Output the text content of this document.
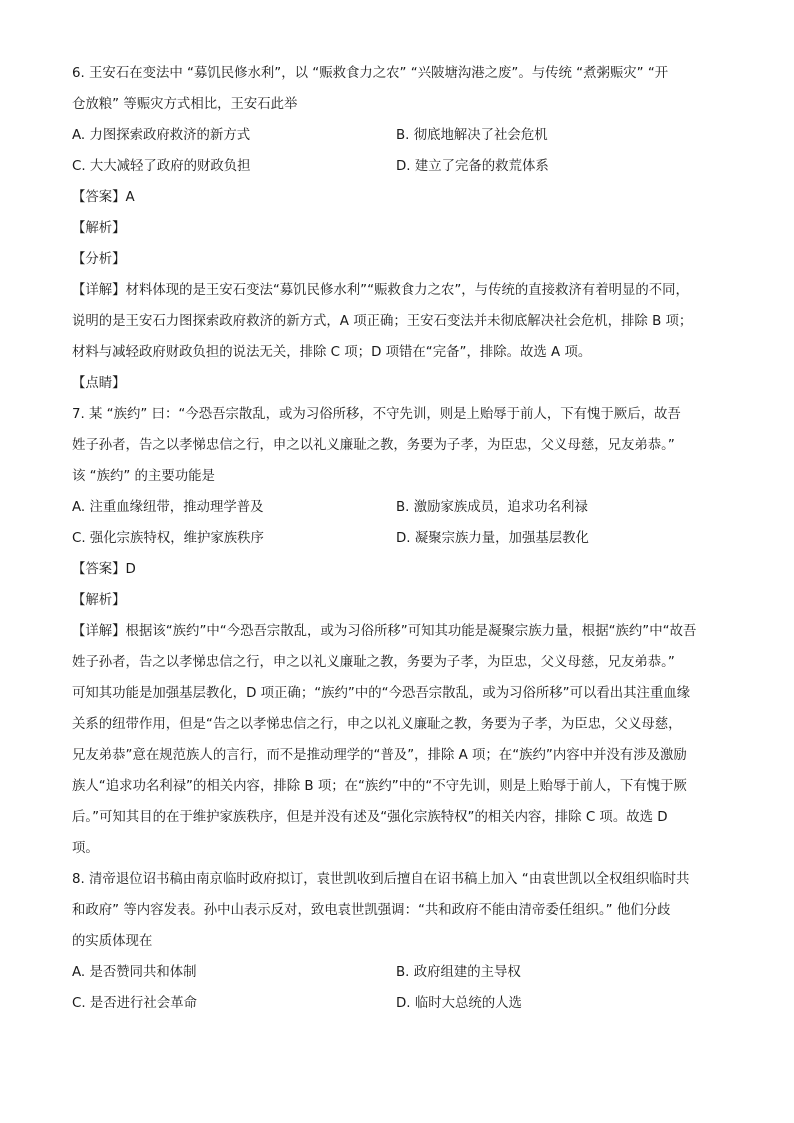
6. 王安石在变法中 “募饥民修水利”，以 “赈救食力之农” “兴陂塘沟港之废”。与传统 “煮粥赈灾” “开
仓放粮” 等赈灾方式相比，王安石此举
A. 力图探索政府救济的新方式	B. 彻底地解决了社会危机
C. 大大减轻了政府的财政负担	D. 建立了完备的救荒体系
【答案】A
【解析】
【分析】
【详解】材料体现的是王安石变法“募饥民修水利”“赈救食力之农”，与传统的直接救济有着明显的不同，
说明的是王安石力图探索政府救济的新方式，A 项正确；王安石变法并未彻底解决社会危机，排除 B 项；
材料与减轻政府财政负担的说法无关，排除 C 项；D 项错在“完备”，排除。故选 A 项。
【点睛】
7. 某 “族约” 曰：“今恐吾宗散乱，或为习俗所移，不守先训，则是上贻辱于前人，下有愧于厥后，故吾
姓子孙者，告之以孝悌忠信之行，申之以礼义廉耻之教，务要为子孝，为臣忠，父义母慈，兄友弟恭。”
该 “族约” 的主要功能是
A. 注重血缘纽带，推动理学普及	B. 激励家族成员，追求功名利禄
C. 强化宗族特权，维护家族秩序	D. 凝聚宗族力量，加强基层教化
【答案】D
【解析】
【详解】根据该“族约”中“今恐吾宗散乱，或为习俗所移”可知其功能是凝聚宗族力量，根据“族约”中“故吾
姓子孙者，告之以孝悌忠信之行，申之以礼义廉耻之教，务要为子孝，为臣忠，父义母慈，兄友弟恭。”
可知其功能是加强基层教化，D 项正确；“族约”中的“今恐吾宗散乱，或为习俗所移”可以看出其注重血缘
关系的纽带作用，但是“告之以孝悌忠信之行，申之以礼义廉耻之教，务要为子孝，为臣忠，父义母慈，
兄友弟恭”意在规范族人的言行，而不是推动理学的“普及”，排除 A 项；在“族约”内容中并没有涉及激励
族人“追求功名利禄”的相关内容，排除 B 项；在“族约”中的“不守先训，则是上贻辱于前人，下有愧于厥
后。”可知其目的在于维护家族秩序，但是并没有述及“强化宗族特权”的相关内容，排除 C 项。故选 D
项。
8. 清帝退位诏书稿由南京临时政府拟订，袁世凯收到后擅自在诏书稿上加入 “由袁世凯以全权组织临时共
和政府” 等内容发表。孙中山表示反对，致电袁世凯强调：“共和政府不能由清帝委任组织。” 他们分歧
的实质体现在
A. 是否赞同共和体制	B. 政府组建的主导权
C. 是否进行社会革命	D. 临时大总统的人选
